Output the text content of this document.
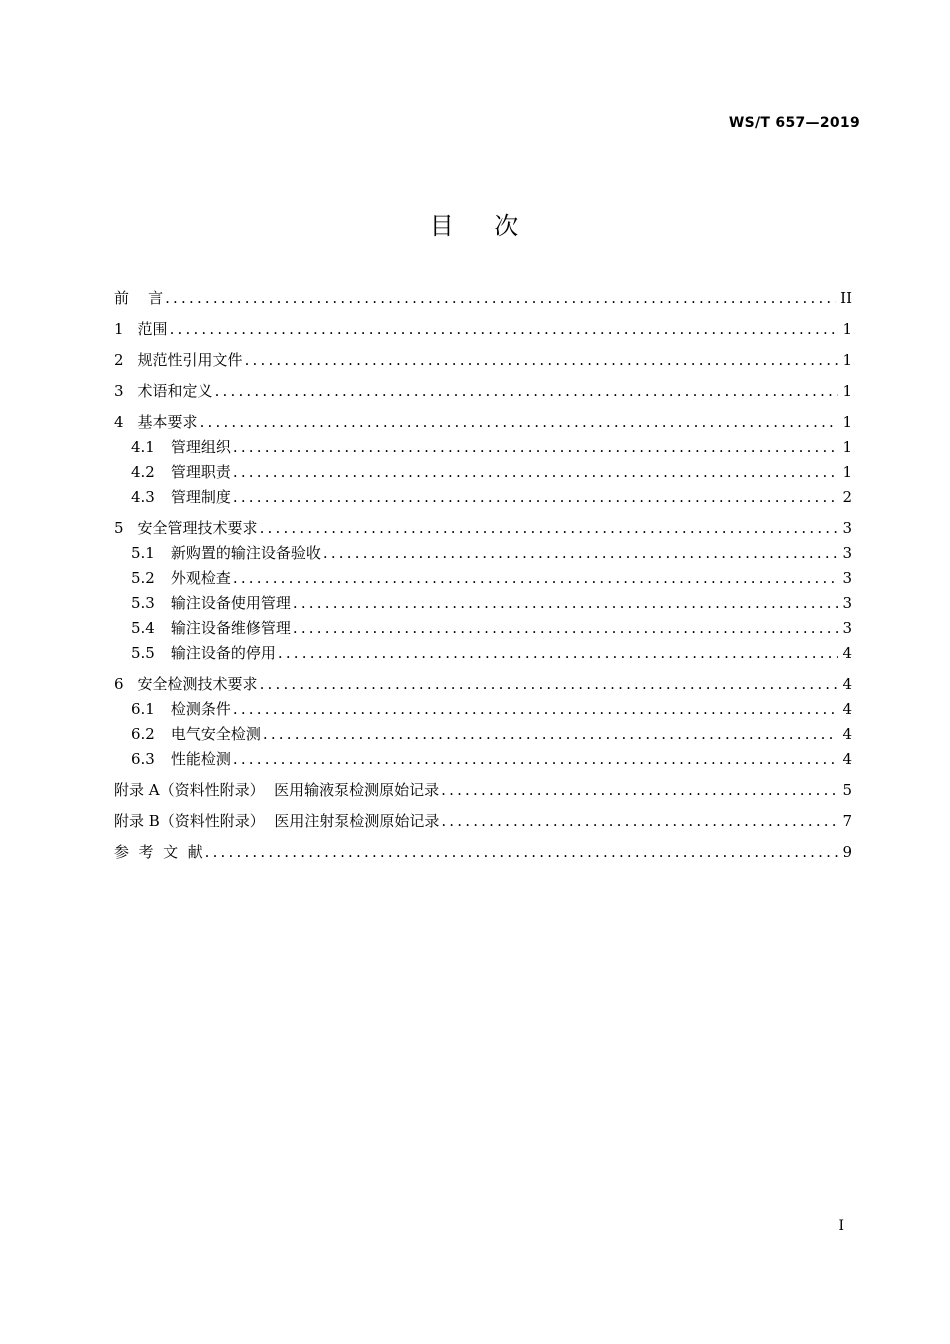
WS/T 657—2019
目    次
前    言 .....	II
1 范围 .....	1
2 规范性引用文件 .....	1
3 术语和定义 .....	1
4 基本要求 .....	1
4.1 管理组织 .....	1
4.2 管理职责 .....	1
4.3 管理制度 .....	2
5 安全管理技术要求 .....	3
5.1 新购置的输注设备验收 .....	3
5.2 外观检查 .....	3
5.3 输注设备使用管理 .....	3
5.4 输注设备维修管理 .....	3
5.5 输注设备的停用 .....	4
6 安全检测技术要求 .....	4
6.1 检测条件 .....	4
6.2 电气安全检测 .....	4
6.3 性能检测 .....	4
附录 A（资料性附录）  医用输液泵检测原始记录 .....	5
附录 B（资料性附录）  医用注射泵检测原始记录 .....	7
参  考  文  献 .....	9
I
